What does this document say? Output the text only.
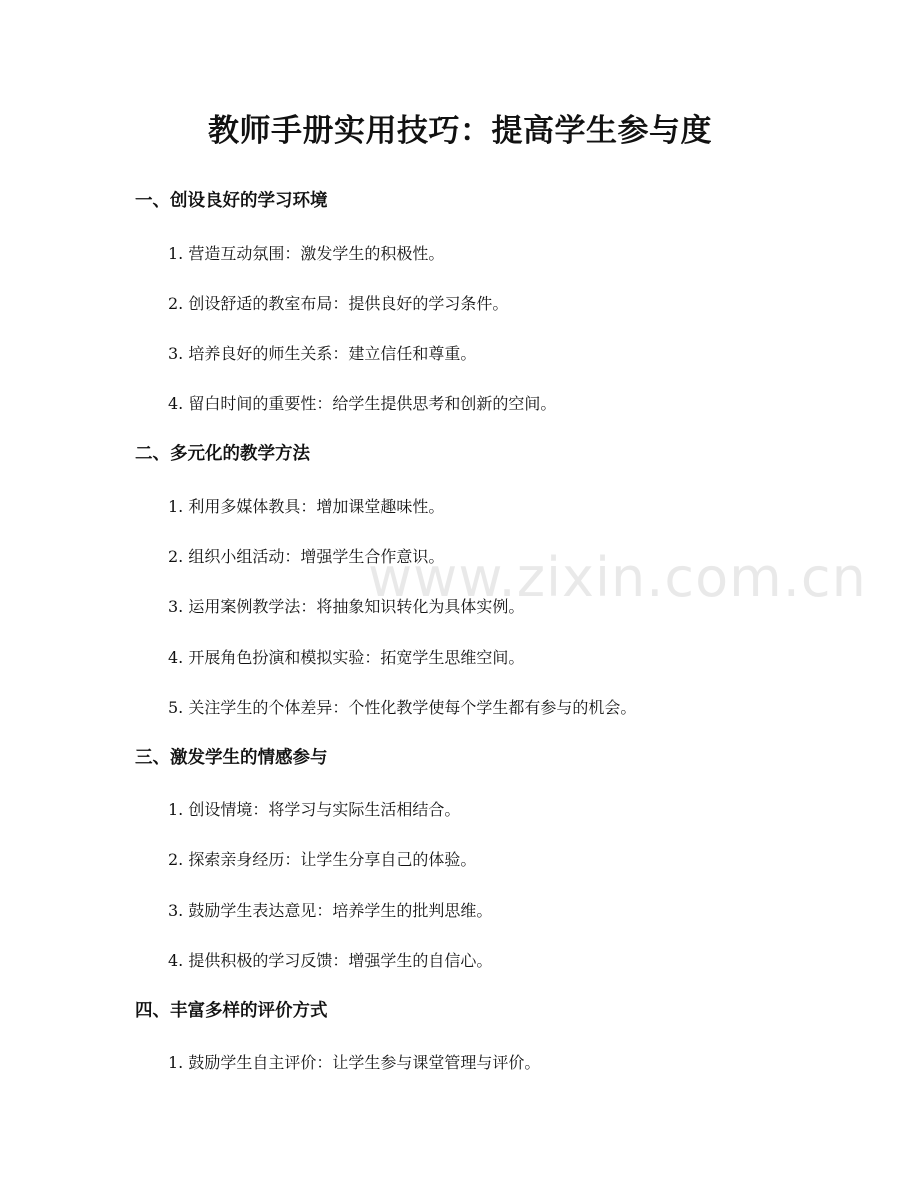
教师手册实用技巧：提高学生参与度
一、创设良好的学习环境
1. 营造互动氛围：激发学生的积极性。
2. 创设舒适的教室布局：提供良好的学习条件。
3. 培养良好的师生关系：建立信任和尊重。
4. 留白时间的重要性：给学生提供思考和创新的空间。
二、多元化的教学方法
1. 利用多媒体教具：增加课堂趣味性。
2. 组织小组活动：增强学生合作意识。
3. 运用案例教学法：将抽象知识转化为具体实例。
4. 开展角色扮演和模拟实验：拓宽学生思维空间。
5. 关注学生的个体差异：个性化教学使每个学生都有参与的机会。
三、激发学生的情感参与
1. 创设情境：将学习与实际生活相结合。
2. 探索亲身经历：让学生分享自己的体验。
3. 鼓励学生表达意见：培养学生的批判思维。
4. 提供积极的学习反馈：增强学生的自信心。
四、丰富多样的评价方式
1. 鼓励学生自主评价：让学生参与课堂管理与评价。
www.zixin.com.cn
